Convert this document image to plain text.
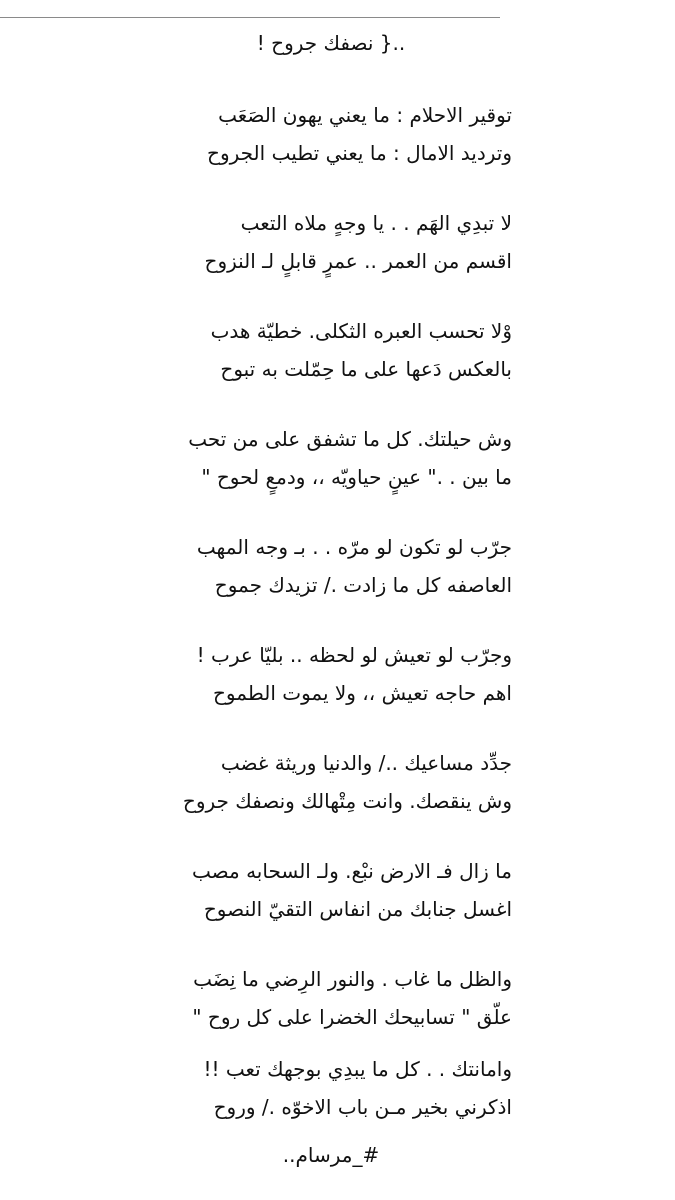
..{ نصفك جروح !
توقير الاحلام : ما يعني يهون الصَعَب
وترديد الامال : ما يعني تطيب الجروح
لا تبدِي الهَم . . يا وجهٍ ملاه التعب
اقسم من العمر .. عمرٍ قابلٍ لـ النزوح
وْلا تحسب العبره الثكلى. خطيّة هدب
بالعكس دَعها على ما حِمّلت به تبوح
وش حيلتك. كل ما تشفق على من تحب
ما بين . ." عينٍ حياويّه ،، ودمعٍ لحوح "
جرّب لو تكون لو مرّه . . بـ وجه المهب
العاصفه كل ما زادت ./ تزيدك جموح
وجرّب لو تعيش لو لحظه .. بليّا عرب !
اهم حاجه تعيش ،، ولا يموت الطموح
جدِّد مساعيك ../ والدنيا وريثة غضب
وش ينقصك. وانت مِتْهالك ونصفك جروح
ما زال فـ الارض نبْع. ولـ السحابه مصب
اغسل جنابك من انفاس التقيّ النصوح
والظل ما غاب . والنور الرِضي ما نِضَب
علّق " تسابيحك الخضرا على كل روح "
وامانتك . . كل ما يبدِي بوجهك تعب !!
اذكرني بخير مـن باب الاخوّه ./ وروح
#_مرسام..
